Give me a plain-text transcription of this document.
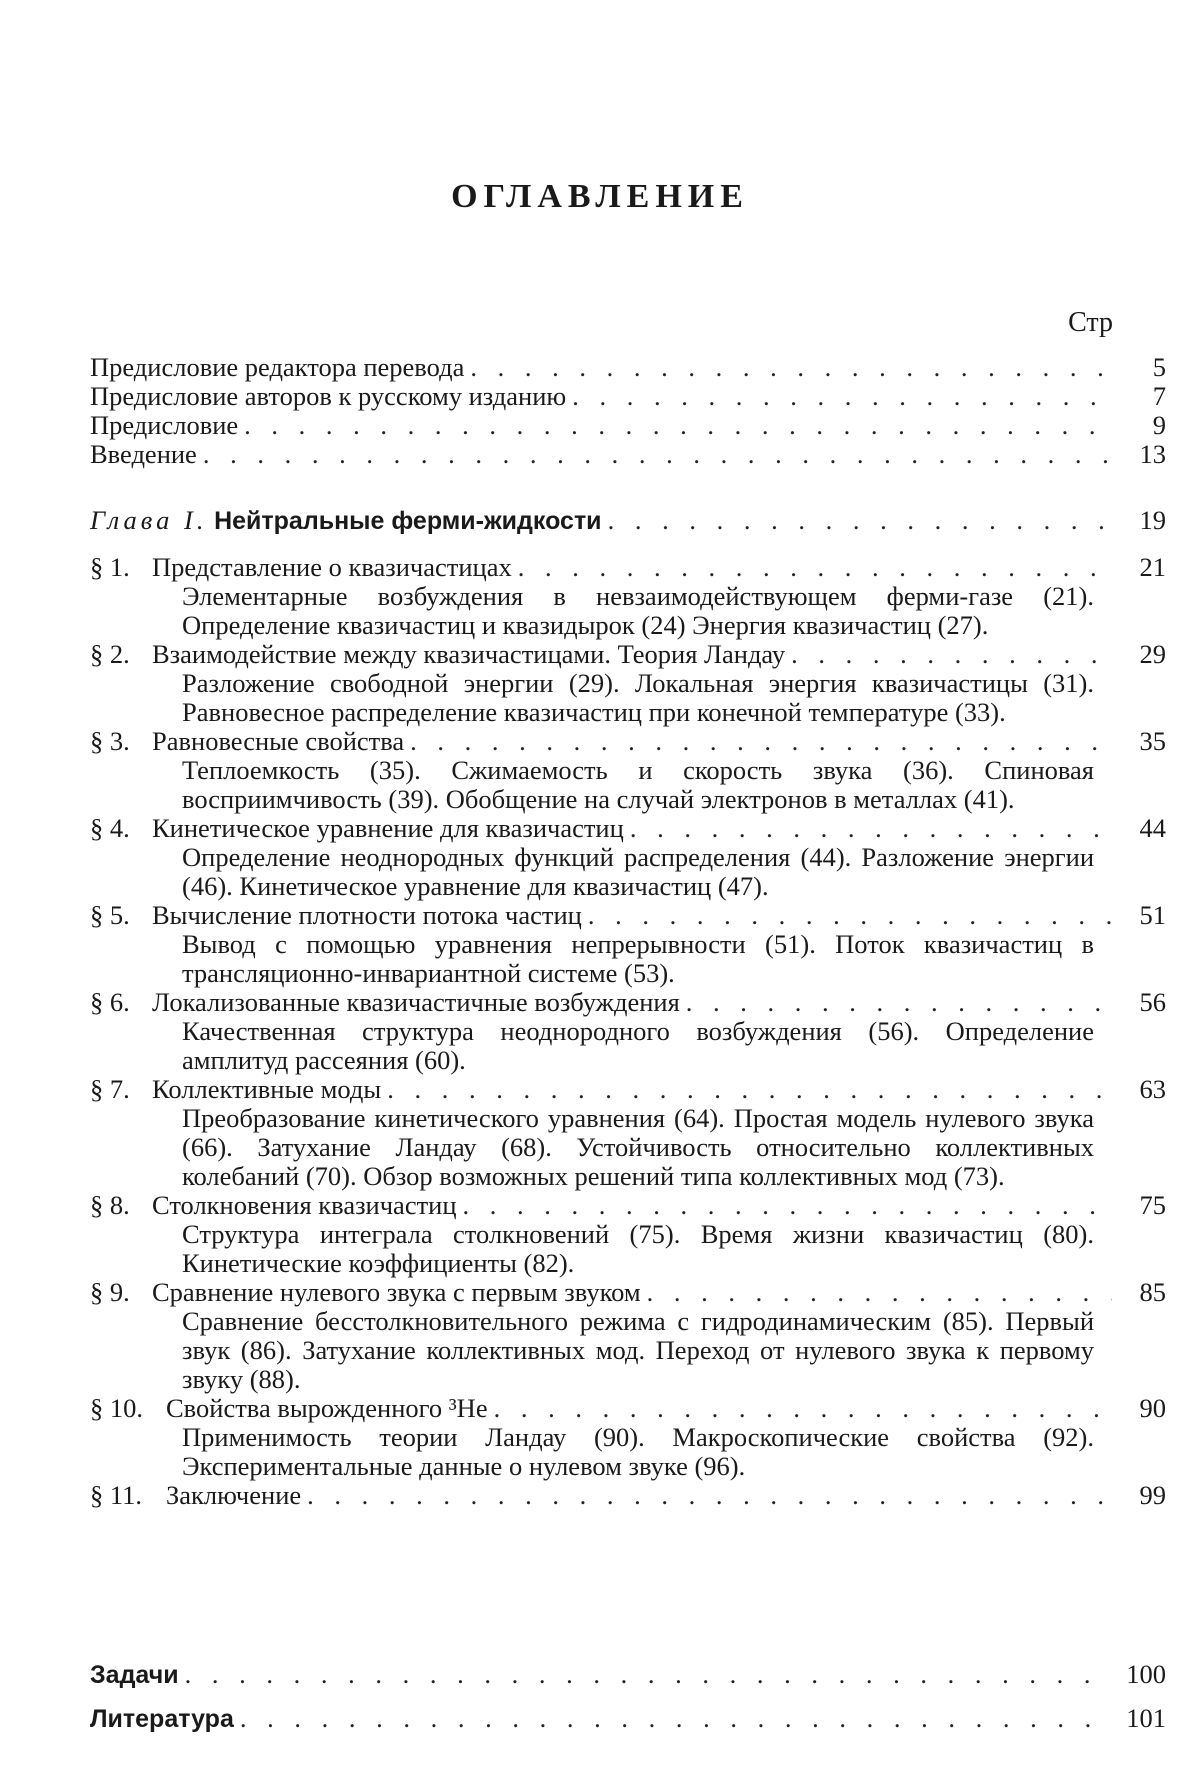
ОГЛАВЛЕНИЕ
Стр
Предисловие редактора перевода
. . .	5
Предисловие авторов к русскому изданию
. . .	7
Предисловие
. . .	9
Введение
. . .	13
Глава I. Нейтральные ферми-жидкости
. . .	19
§ 1. Представление о квазичастицах
. . .	21
Элементарные возбуждения в невзаимодействующем ферми-газе (21). Определение квазичастиц и квазидырок (24) Энергия квазичастиц (27).
§ 2. Взаимодействие между квазичастицами. Теория Ландау
. . .	29
Разложение свободной энергии (29). Локальная энергия квазичастицы (31). Равновесное распределение квазичастиц при конечной температуре (33).
§ 3. Равновесные свойства
. . .	35
Теплоемкость (35). Сжимаемость и скорость звука (36). Спиновая восприимчивость (39). Обобщение на случай электронов в металлах (41).
§ 4. Кинетическое уравнение для квазичастиц
. . .	44
Определение неоднородных функций распределения (44). Разложение энергии (46). Кинетическое уравнение для квазичастиц (47).
§ 5. Вычисление плотности потока частиц
. . .	51
Вывод с помощью уравнения непрерывности (51). Поток квазичастиц в трансляционно-инвариантной системе (53).
§ 6. Локализованные квазичастичные возбуждения
. . .	56
Качественная структура неоднородного возбуждения (56). Определение амплитуд рассеяния (60).
§ 7. Коллективные моды
. . .	63
Преобразование кинетического уравнения (64). Простая модель нулевого звука (66). Затухание Ландау (68). Устойчивость относительно коллективных колебаний (70). Обзор возможных решений типа коллективных мод (73).
§ 8. Столкновения квазичастиц
. . .	75
Структура интеграла столкновений (75). Время жизни квазичастиц (80). Кинетические коэффициенты (82).
§ 9. Сравнение нулевого звука с первым звуком
. . .	85
Сравнение бесстолкновительного режима с гидродинамическим (85). Первый звук (86). Затухание коллективных мод. Переход от нулевого звука к первому звуку (88).
§ 10. Свойства вырожденного ³He
. . .	90
Применимость теории Ландау (90). Макроскопические свойства (92). Экспериментальные данные о нулевом звуке (96).
§ 11. Заключение
. . .	99
Задачи
. . .	100
Литература
. . .	101
